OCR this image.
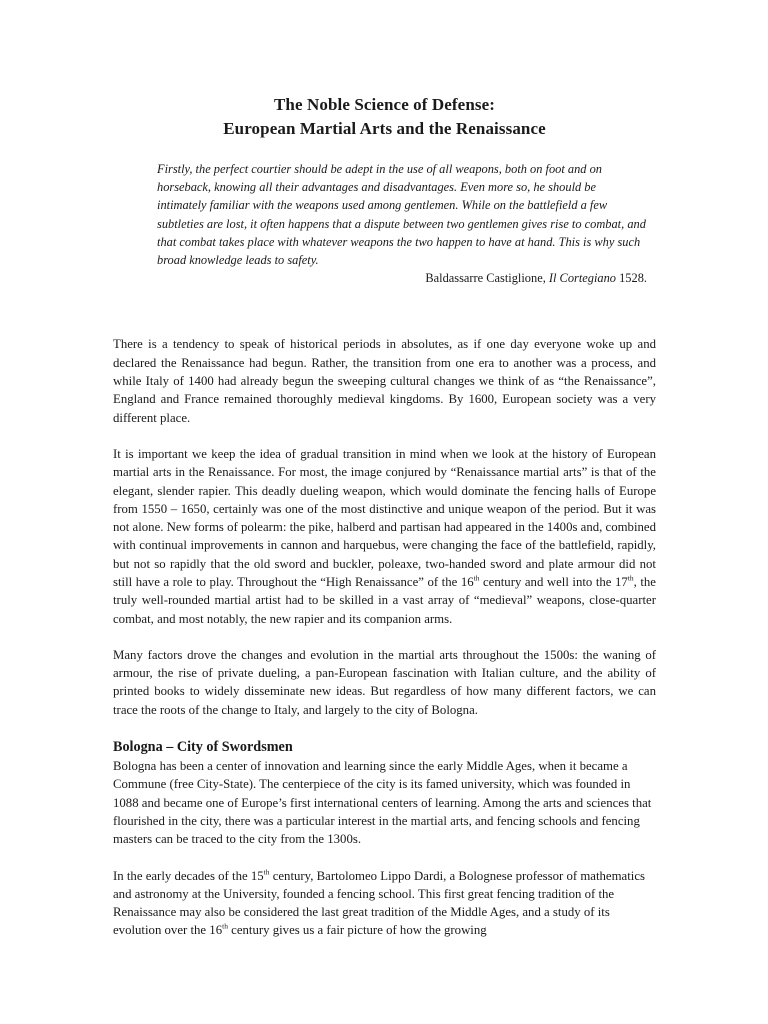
The Noble Science of Defense:
European Martial Arts and the Renaissance

Firstly, the perfect courtier should be adept in the use of all weapons, both on foot and on horseback, knowing all their advantages and disadvantages. Even more so, he should be intimately familiar with the weapons used among gentlemen. While on the battlefield a few subtleties are lost, it often happens that a dispute between two gentlemen gives rise to combat, and that combat takes place with whatever weapons the two happen to have at hand. This is why such broad knowledge leads to safety.

Baldassarre Castiglione, Il Cortegiano 1528.

There is a tendency to speak of historical periods in absolutes, as if one day everyone woke up and declared the Renaissance had begun. Rather, the transition from one era to another was a process, and while Italy of 1400 had already begun the sweeping cultural changes we think of as “the Renaissance”, England and France remained thoroughly medieval kingdoms. By 1600, European society was a very different place.

It is important we keep the idea of gradual transition in mind when we look at the history of European martial arts in the Renaissance. For most, the image conjured by “Renaissance martial arts” is that of the elegant, slender rapier. This deadly dueling weapon, which would dominate the fencing halls of Europe from 1550 – 1650, certainly was one of the most distinctive and unique weapon of the period. But it was not alone. New forms of polearm: the pike, halberd and partisan had appeared in the 1400s and, combined with continual improvements in cannon and harquebus, were changing the face of the battlefield, rapidly, but not so rapidly that the old sword and buckler, poleaxe, two-handed sword and plate armour did not still have a role to play. Throughout the “High Renaissance” of the 16th century and well into the 17th, the truly well-rounded martial artist had to be skilled in a vast array of “medieval” weapons, close-quarter combat, and most notably, the new rapier and its companion arms.

Many factors drove the changes and evolution in the martial arts throughout the 1500s: the waning of armour, the rise of private dueling, a pan-European fascination with Italian culture, and the ability of printed books to widely disseminate new ideas. But regardless of how many different factors, we can trace the roots of the change to Italy, and largely to the city of Bologna.

Bologna – City of Swordsmen

Bologna has been a center of innovation and learning since the early Middle Ages, when it became a Commune (free City-State). The centerpiece of the city is its famed university, which was founded in 1088 and became one of Europe’s first international centers of learning. Among the arts and sciences that flourished in the city, there was a particular interest in the martial arts, and fencing schools and fencing masters can be traced to the city from the 1300s.

In the early decades of the 15th century, Bartolomeo Lippo Dardi, a Bolognese professor of mathematics and astronomy at the University, founded a fencing school. This first great fencing tradition of the Renaissance may also be considered the last great tradition of the Middle Ages, and a study of its evolution over the 16th century gives us a fair picture of how the growing
